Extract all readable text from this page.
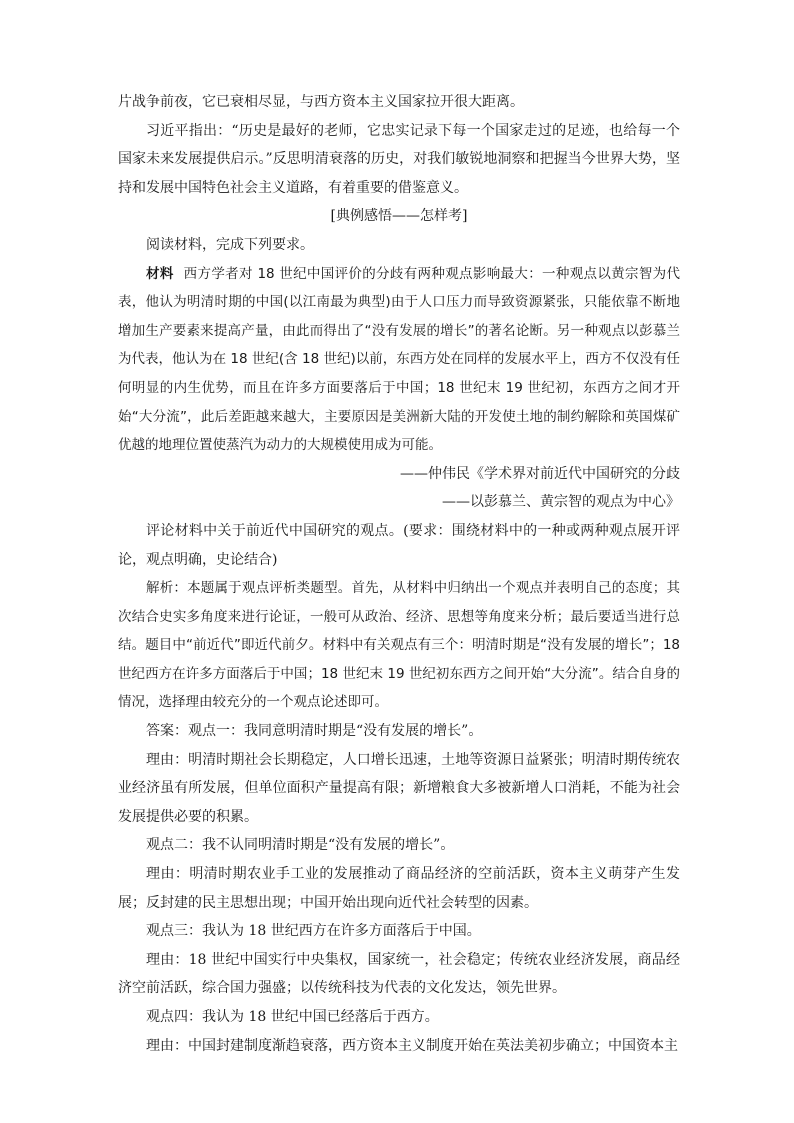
片战争前夜，它已衰相尽显，与西方资本主义国家拉开很大距离。

习近平指出：“历史是最好的老师，它忠实记录下每一个国家走过的足迹，也给每一个国家未来发展提供启示。”反思明清衰落的历史，对我们敏锐地洞察和把握当今世界大势，坚持和发展中国特色社会主义道路，有着重要的借鉴意义。

[典例感悟——怎样考]

阅读材料，完成下列要求。

材料 西方学者对 18 世纪中国评价的分歧有两种观点影响最大：一种观点以黄宗智为代表，他认为明清时期的中国(以江南最为典型)由于人口压力而导致资源紧张，只能依靠不断地增加生产要素来提高产量，由此而得出了“没有发展的增长”的著名论断。另一种观点以彭慕兰为代表，他认为在 18 世纪(含 18 世纪)以前，东西方处在同样的发展水平上，西方不仅没有任何明显的内生优势，而且在许多方面要落后于中国；18 世纪末 19 世纪初，东西方之间才开始“大分流”，此后差距越来越大，主要原因是美洲新大陆的开发使土地的制约解除和英国煤矿优越的地理位置使蒸汽为动力的大规模使用成为可能。

——仲伟民《学术界对前近代中国研究的分歧

——以彭慕兰、黄宗智的观点为中心》

评论材料中关于前近代中国研究的观点。(要求：围绕材料中的一种或两种观点展开评论，观点明确，史论结合)

解析：本题属于观点评析类题型。首先，从材料中归纳出一个观点并表明自己的态度；其次结合史实多角度来进行论证，一般可从政治、经济、思想等角度来分析；最后要适当进行总结。题目中“前近代”即近代前夕。材料中有关观点有三个：明清时期是“没有发展的增长”；18 世纪西方在许多方面落后于中国；18 世纪末 19 世纪初东西方之间开始“大分流”。结合自身的情况，选择理由较充分的一个观点论述即可。

答案：观点一：我同意明清时期是“没有发展的增长”。

理由：明清时期社会长期稳定，人口增长迅速，土地等资源日益紧张；明清时期传统农业经济虽有所发展，但单位面积产量提高有限；新增粮食大多被新增人口消耗，不能为社会发展提供必要的积累。

观点二：我不认同明清时期是“没有发展的增长”。

理由：明清时期农业手工业的发展推动了商品经济的空前活跃，资本主义萌芽产生发展；反封建的民主思想出现；中国开始出现向近代社会转型的因素。

观点三：我认为 18 世纪西方在许多方面落后于中国。

理由：18 世纪中国实行中央集权，国家统一，社会稳定；传统农业经济发展，商品经济空前活跃，综合国力强盛；以传统科技为代表的文化发达，领先世界。

观点四：我认为 18 世纪中国已经落后于西方。

理由：中国封建制度渐趋衰落，西方资本主义制度开始在英法美初步确立；中国资本主
